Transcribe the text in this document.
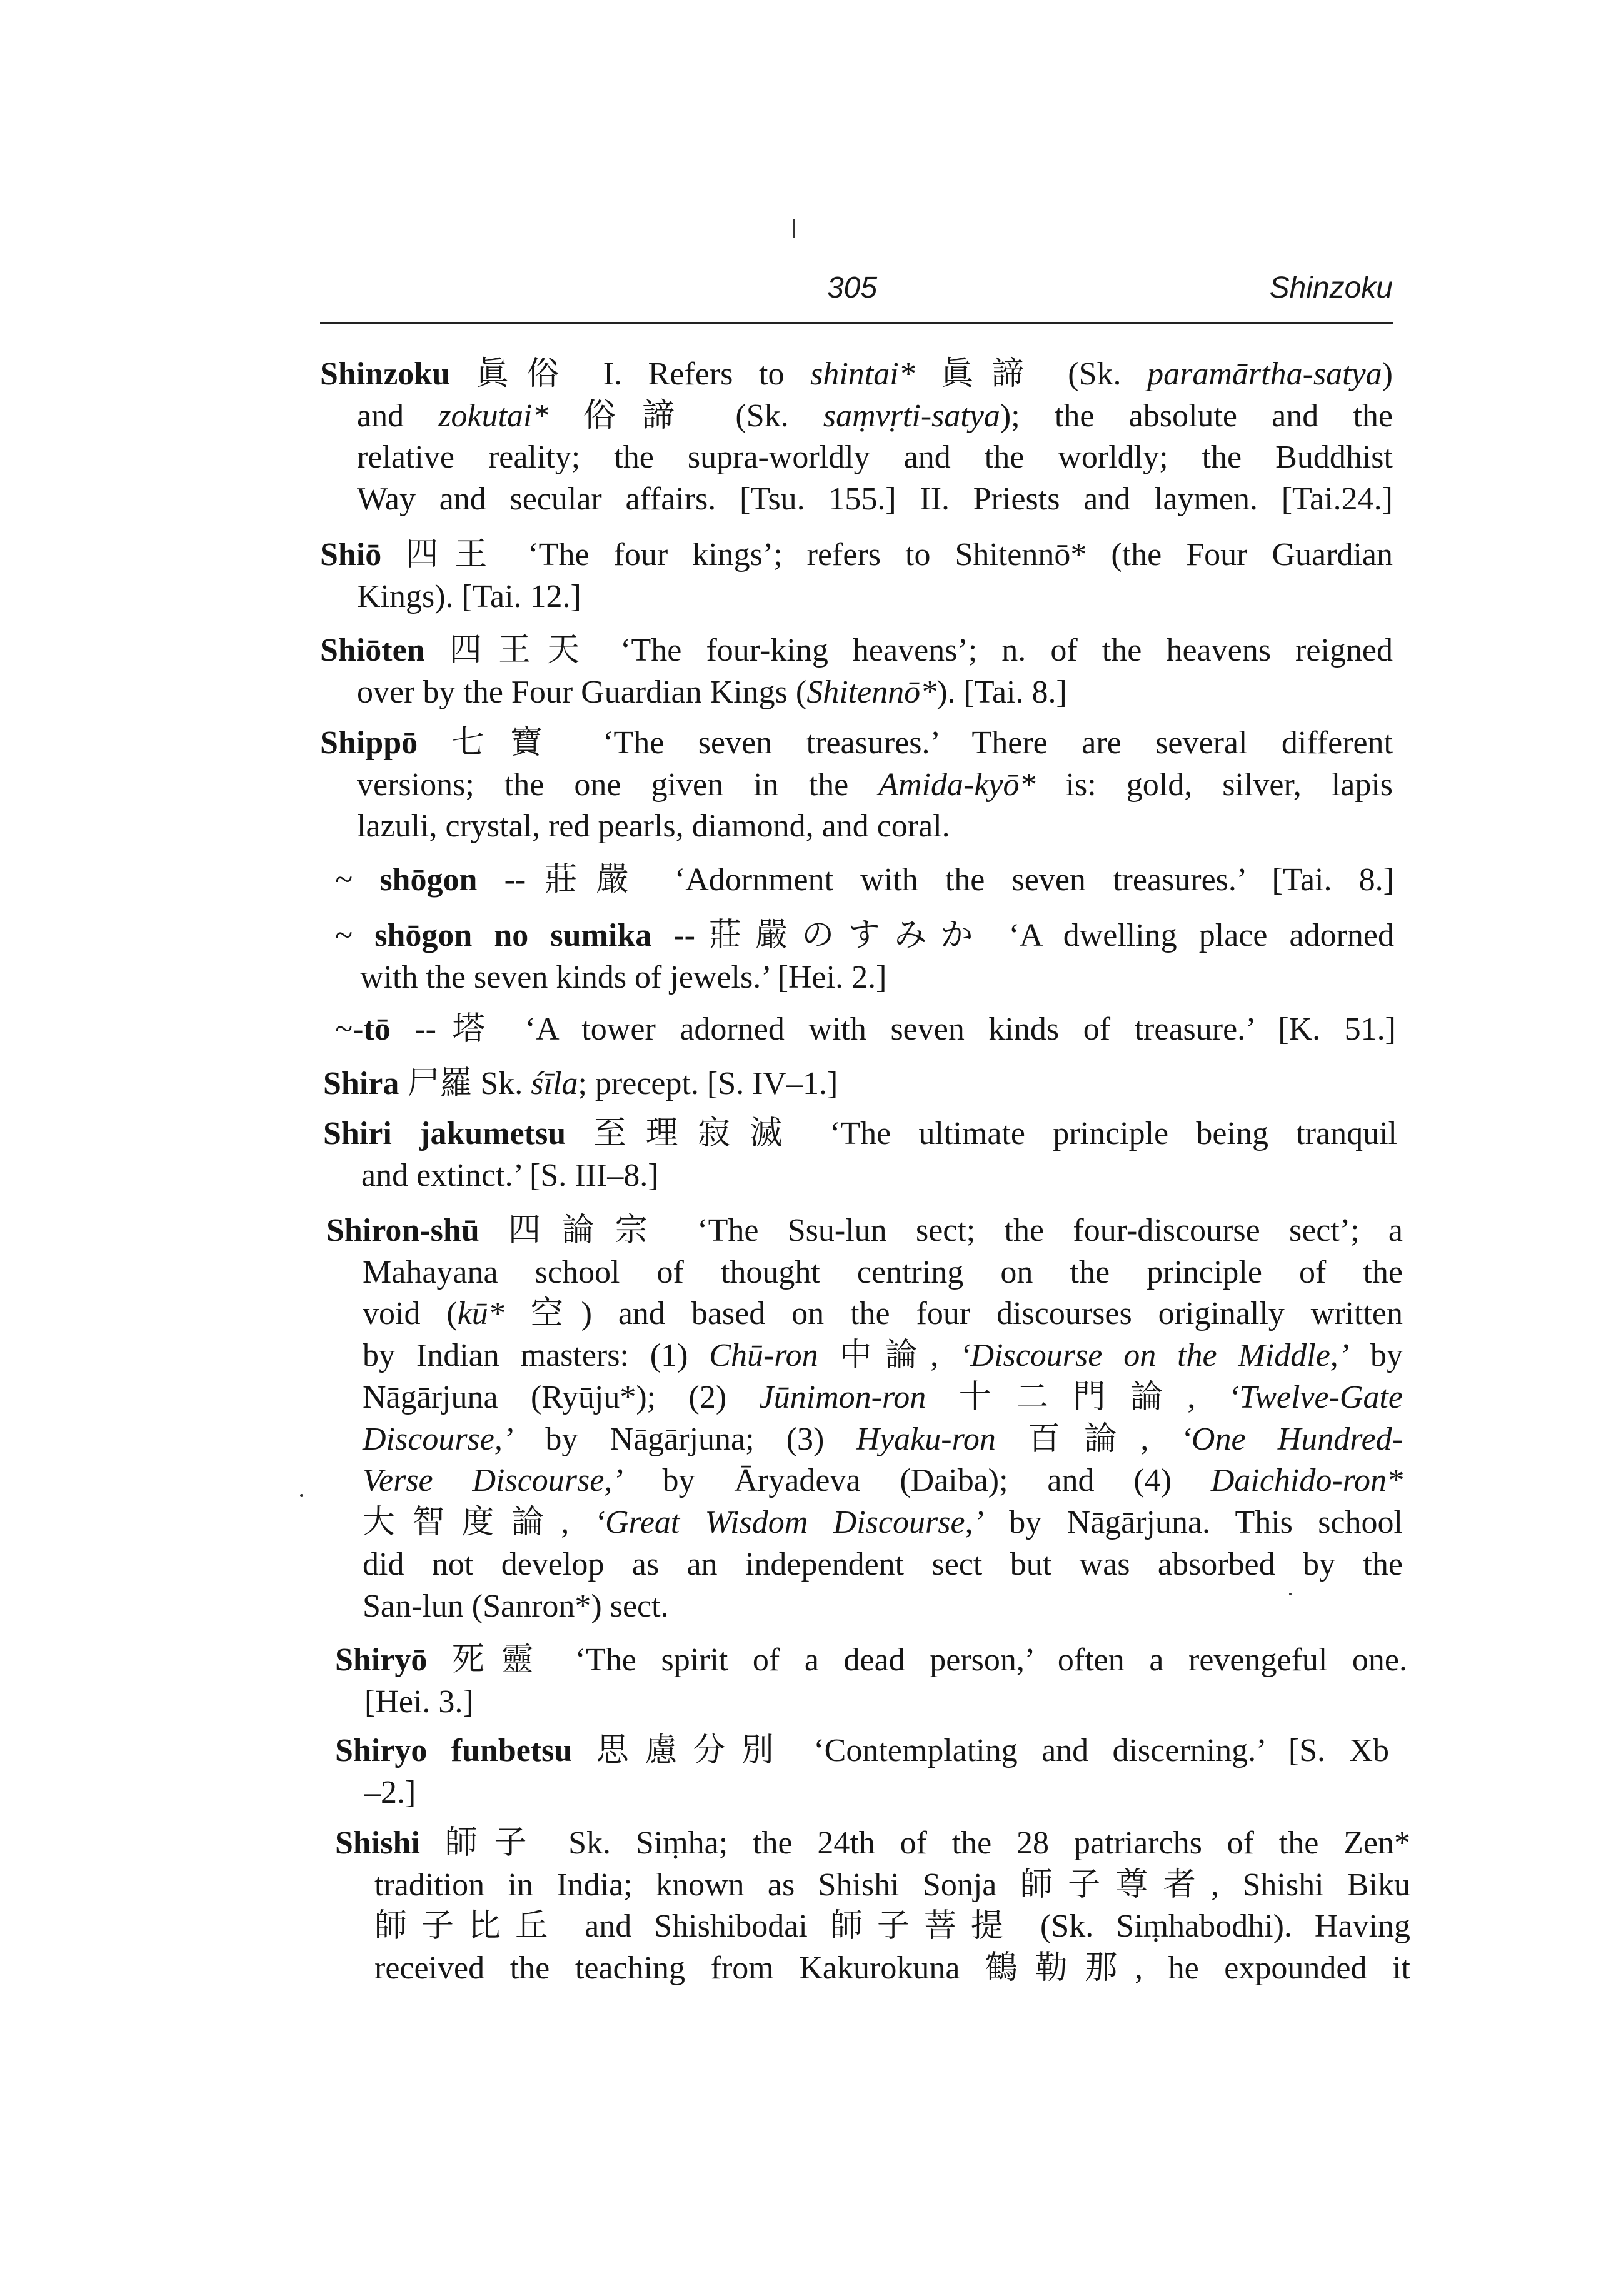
305	Shinzoku
Shinzoku 眞俗 I. Refers to shintai* 眞諦 (Sk. paramārtha-satya)
and zokutai* 俗諦 (Sk. saṃvṛti-satya); the absolute and the
relative reality; the supra-worldly and the worldly; the Buddhist
Way and secular affairs. [Tsu. 155.] II. Priests and laymen. [Tai.24.]
Shiō 四王 ‘The four kings’; refers to Shitennō* (the Four Guardian
Kings). [Tai. 12.]
Shiōten 四王天 ‘The four-king heavens’; n. of the heavens reigned
over by the Four Guardian Kings (Shitennō*). [Tai. 8.]
Shippō 七寶 ‘The seven treasures.’ There are several different
versions; the one given in the Amida-kyō* is: gold, silver, lapis
lazuli, crystal, red pearls, diamond, and coral.
~ shōgon --莊嚴 ‘Adornment with the seven treasures.’ [Tai. 8.]
~ shōgon no sumika --莊嚴のすみか ‘A dwelling place adorned
with the seven kinds of jewels.’ [Hei. 2.]
~-tō --塔 ‘A tower adorned with seven kinds of treasure.’ [K. 51.]
Shira 尸羅 Sk. śīla; precept. [S. IV–1.]
Shiri jakumetsu 至理寂滅 ‘The ultimate principle being tranquil
and extinct.’ [S. III–8.]
Shiron-shū 四論宗 ‘The Ssu-lun sect; the four-discourse sect’; a
Mahayana school of thought centring on the principle of the
void (kū* 空) and based on the four discourses originally written
by Indian masters: (1) Chū-ron 中論, ‘Discourse on the Middle,’ by
Nāgārjuna (Ryūju*); (2) Jūnimon-ron 十二門論, ‘Twelve-Gate
Discourse,’ by Nāgārjuna; (3) Hyaku-ron 百論, ‘One Hundred-
Verse Discourse,’ by Āryadeva (Daiba); and (4) Daichido-ron*
大智度論, ‘Great Wisdom Discourse,’ by Nāgārjuna. This school
did not develop as an independent sect but was absorbed by the
San-lun (Sanron*) sect.
Shiryō 死靈 ‘The spirit of a dead person,’ often a revengeful one.
[Hei. 3.]
Shiryo funbetsu 思慮分別 ‘Contemplating and discerning.’ [S. Xb
–2.]
Shishi 師子 Sk. Siṃha; the 24th of the 28 patriarchs of the Zen*
tradition in India; known as Shishi Sonja 師子尊者, Shishi Biku
師子比丘 and Shishibodai 師子菩提 (Sk. Siṃhabodhi). Having
received the teaching from Kakurokuna 鶴勒那, he expounded it
